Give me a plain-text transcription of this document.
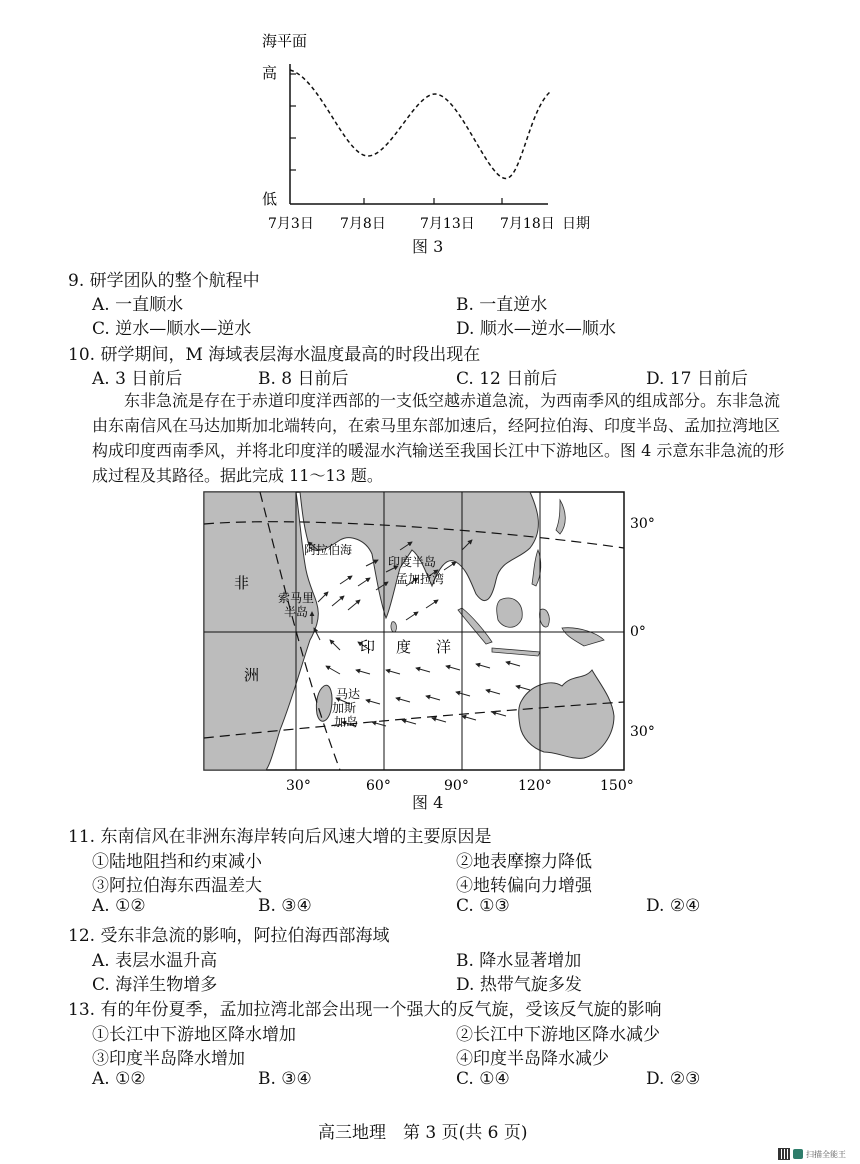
海平面
高
低
7月3日 7月8日 7月13日 7月18日 日期
图 3
9. 研学团队的整个航程中
A. 一直顺水	B. 一直逆水
C. 逆水—顺水—逆水	D. 顺水—逆水—顺水
10. 研学期间，M 海域表层海水温度最高的时段出现在
A. 3 日前后	B. 8 日前后	C. 12 日前后	D. 17 日前后
东非急流是存在于赤道印度洋西部的一支低空越赤道急流，为西南季风的组成部分。东非急流由东南信风在马达加斯加北端转向，在索马里东部加速后，经阿拉伯海、印度半岛、孟加拉湾地区构成印度西南季风，并将北印度洋的暖湿水汽输送至我国长江中下游地区。图 4 示意东非急流的形成过程及其路径。据此完成 11～13 题。
阿拉伯海
印度半岛
孟加拉湾
非
洲
索马里
半岛
印 度 洋
马达
加斯
加岛
30°
0°
30°
30°	60°	90°	120°	150°
图 4
11. 东南信风在非洲东海岸转向后风速大增的主要原因是
①陆地阻挡和约束减小	②地表摩擦力降低
③阿拉伯海东西温差大	④地转偏向力增强
A. ①②	B. ③④	C. ①③	D. ②④
12. 受东非急流的影响，阿拉伯海西部海域
A. 表层水温升高	B. 降水显著增加
C. 海洋生物增多	D. 热带气旋多发
13. 有的年份夏季，孟加拉湾北部会出现一个强大的反气旋，受该反气旋的影响
①长江中下游地区降水增加	②长江中下游地区降水减少
③印度半岛降水增加	④印度半岛降水减少
A. ①②	B. ③④	C. ①④	D. ②③
高三地理　第 3 页(共 6 页)
扫描全能王
